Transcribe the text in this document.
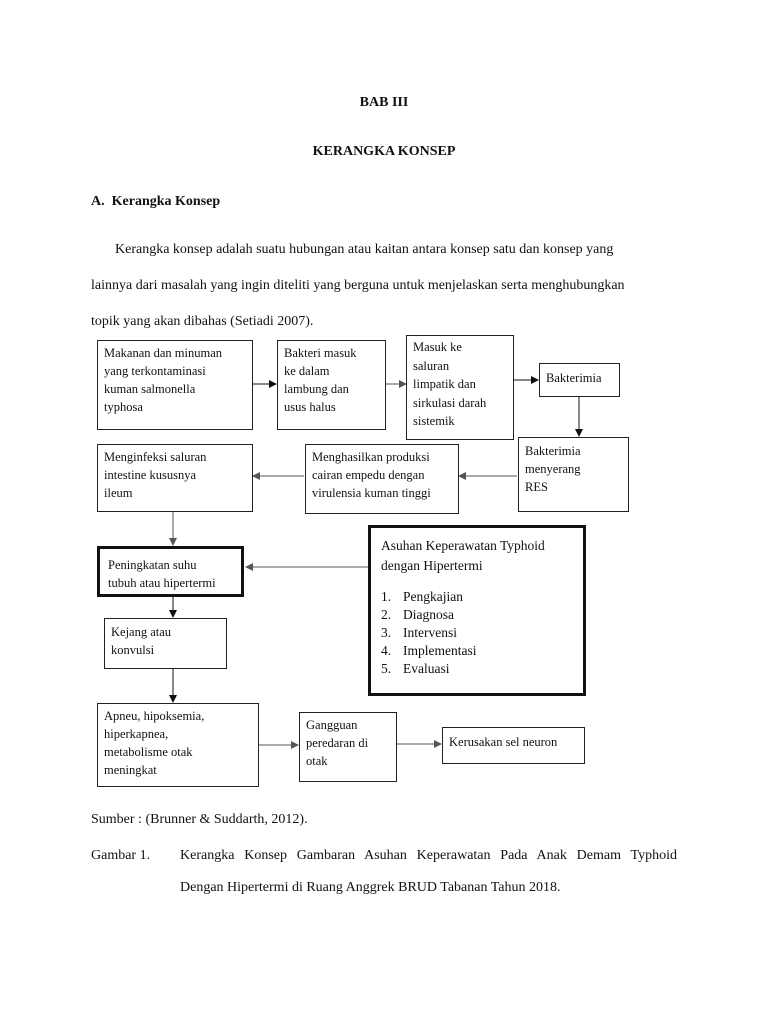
BAB III
KERANGKA KONSEP
A. Kerangka Konsep
Kerangka konsep adalah suatu hubungan atau kaitan antara konsep satu dan konsep yang
lainnya dari masalah yang ingin diteliti yang berguna untuk menjelaskan serta menghubungkan
topik yang akan dibahas (Setiadi 2007).
Makanan dan minuman
yang terkontaminasi
kuman salmonella
typhosa
Bakteri masuk
ke dalam
lambung dan
usus halus
Masuk ke
saluran
limpatik dan
sirkulasi darah
sistemik
Bakterimia
Bakterimia
menyerang
RES
Menghasilkan produksi
cairan empedu dengan
virulensia kuman tinggi
Menginfeksi saluran
intestine kusus​nya
ileum
Peningkatan suhu
tubuh atau hipertermi
Kejang atau
konvulsi
Apneu, hipoksemia,
hiperkapnea,
metabolisme otak
meningkat
Gangguan
peredaran di
otak
Kerusakan sel neuron
Asuhan Keperawatan Typhoid
dengan Hipertermi
1. Pengkajian
2. Diagnosa
3. Intervensi
4. Implementasi
5. Evaluasi
Sumber : (Brunner & Suddarth, 2012).
Gambar 1. Kerangka Konsep Gambaran Asuhan Keperawatan Pada Anak Demam Typhoid
Dengan Hipertermi di Ruang Anggrek BRUD Tabanan Tahun 2018.
